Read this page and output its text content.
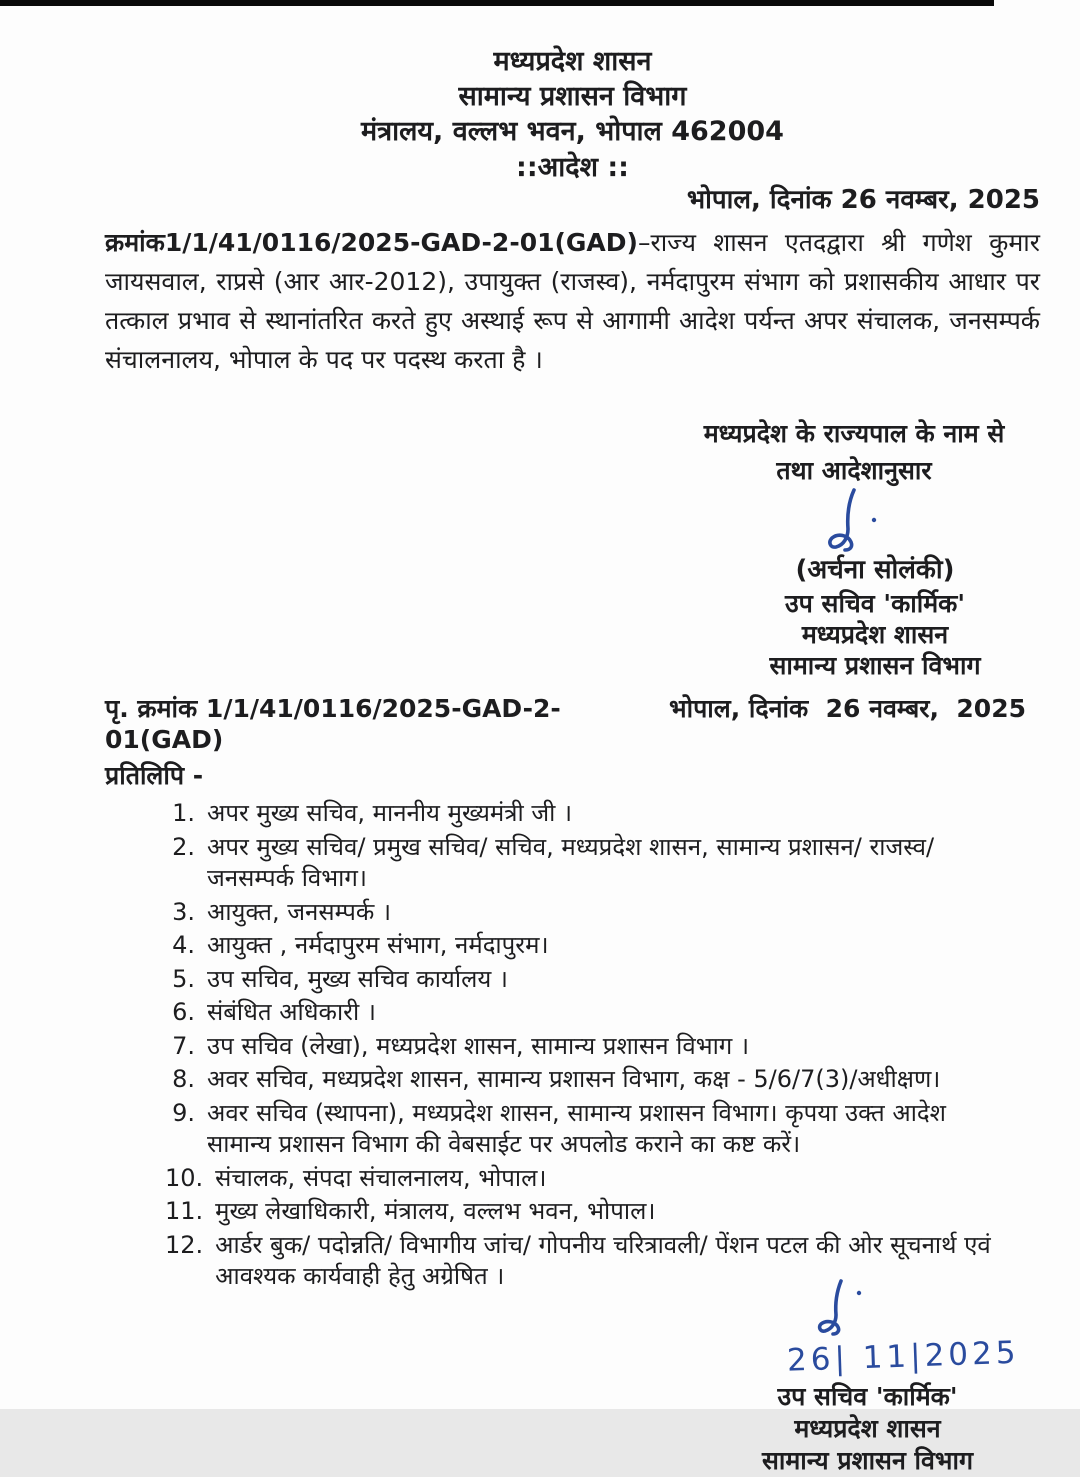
मध्यप्रदेश शासन
सामान्य प्रशासन विभाग
मंत्रालय, वल्लभ भवन, भोपाल 462004
::आदेश ::
भोपाल, दिनांक 26 नवम्बर, 2025
क्रमांक1/1/41/0116/2025-GAD-2-01(GAD)–राज्य शासन एतदद्वारा श्री गणेश कुमार जायसवाल, राप्रसे (आर आर-2012), उपायुक्त (राजस्व), नर्मदापुरम संभाग को प्रशासकीय आधार पर तत्काल प्रभाव से स्थानांतरित करते हुए अस्थाई रूप से आगामी आदेश पर्यन्त अपर संचालक, जनसम्पर्क संचालनालय, भोपाल के पद पर पदस्थ करता है ।
मध्यप्रदेश के राज्यपाल के नाम से
तथा आदेशानुसार
(अर्चना सोलंकी)
उप सचिव 'कार्मिक'
मध्यप्रदेश शासन
सामान्य प्रशासन विभाग
पृ. क्रमांक 1/1/41/0116/2025-GAD-2-01(GAD)
भोपाल, दिनांक  26 नवम्बर,  2025
प्रतिलिपि -
1. अपर मुख्य सचिव, माननीय मुख्यमंत्री जी ।
2. अपर मुख्य सचिव/ प्रमुख सचिव/ सचिव, मध्यप्रदेश शासन, सामान्य प्रशासन/ राजस्व/ जनसम्पर्क विभाग।
3. आयुक्त, जनसम्पर्क ।
4. आयुक्त , नर्मदापुरम संभाग, नर्मदापुरम।
5. उप सचिव, मुख्य सचिव कार्यालय ।
6. संबंधित अधिकारी ।
7. उप सचिव (लेखा), मध्यप्रदेश शासन, सामान्य प्रशासन विभाग ।
8. अवर सचिव, मध्यप्रदेश शासन, सामान्य प्रशासन विभाग, कक्ष - 5/6/7(3)/अधीक्षण।
9. अवर सचिव (स्थापना), मध्यप्रदेश शासन, सामान्य प्रशासन विभाग। कृपया उक्त आदेश सामान्य प्रशासन विभाग की वेबसाईट पर अपलोड कराने का कष्ट करें।
10. संचालक, संपदा संचालनालय, भोपाल।
11. मुख्य लेखाधिकारी, मंत्रालय, वल्लभ भवन, भोपाल।
12. आर्डर बुक/ पदोन्नति/ विभागीय जांच/ गोपनीय चरित्रावली/ पेंशन पटल की ओर सूचनार्थ एवं आवश्यक कार्यवाही हेतु अग्रेषित ।
26| 11|2025
उप सचिव 'कार्मिक'
मध्यप्रदेश शासन
सामान्य प्रशासन विभाग
